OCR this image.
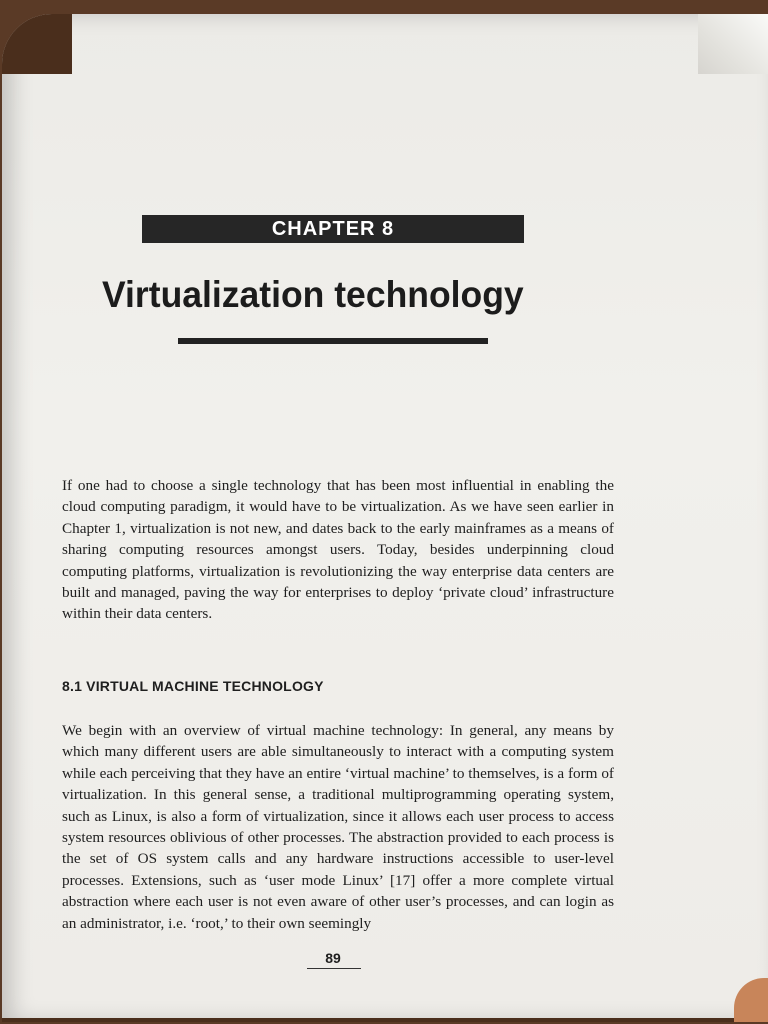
CHAPTER 8
Virtualization technology

If one had to choose a single technology that has been most influential in enabling the cloud computing paradigm, it would have to be virtualization. As we have seen earlier in Chapter 1, virtualization is not new, and dates back to the early mainframes as a means of sharing computing resources amongst users. Today, besides underpinning cloud computing platforms, virtualization is revolutionizing the way enterprise data centers are built and managed, paving the way for enterprises to deploy ‘private cloud’ infrastructure within their data centers.

8.1 VIRTUAL MACHINE TECHNOLOGY

We begin with an overview of virtual machine technology: In general, any means by which many different users are able simultaneously to interact with a computing system while each perceiving that they have an entire ‘virtual machine’ to themselves, is a form of virtualization. In this general sense, a traditional multiprogramming operating system, such as Linux, is also a form of virtualization, since it allows each user process to access system resources oblivious of other processes. The abstraction provided to each process is the set of OS system calls and any hardware instructions accessible to user-level processes. Extensions, such as ‘user mode Linux’ [17] offer a more complete virtual abstraction where each user is not even aware of other user’s processes, and can login as an administrator, i.e. ‘root,’ to their own seemingly

89
